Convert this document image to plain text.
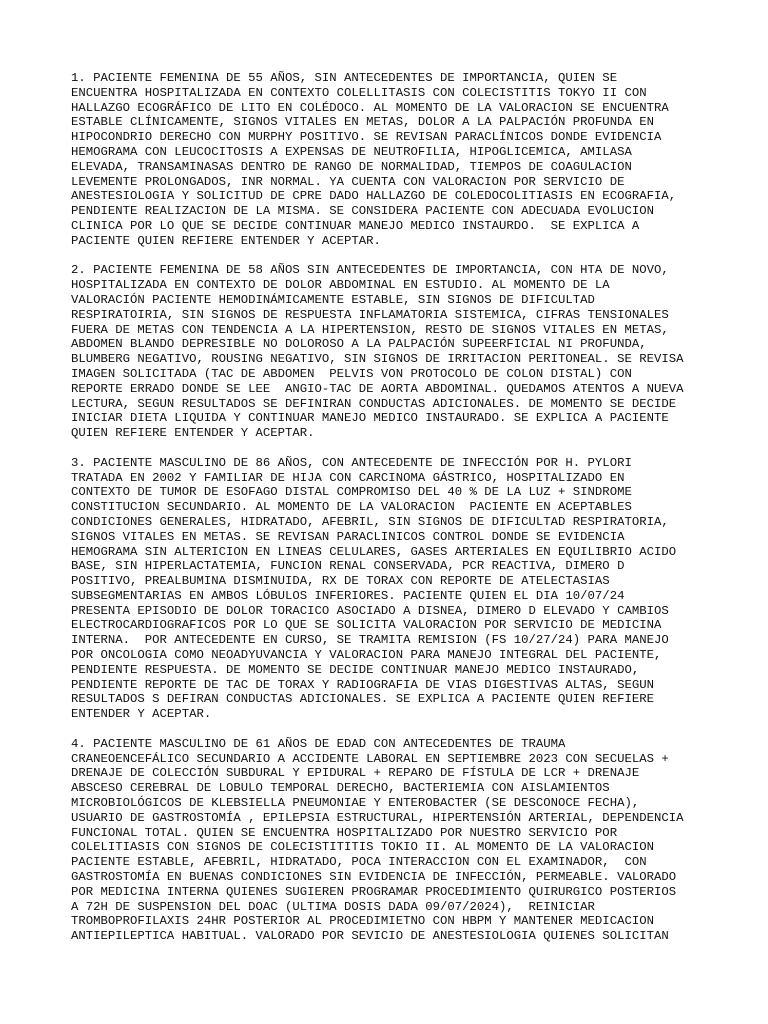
1. PACIENTE FEMENINA DE 55 AÑOS, SIN ANTECEDENTES DE IMPORTANCIA, QUIEN SE
ENCUENTRA HOSPITALIZADA EN CONTEXTO COLELLITASIS CON COLECISTITIS TOKYO II CON
HALLAZGO ECOGRÁFICO DE LITO EN COLÉDOCO. AL MOMENTO DE LA VALORACION SE ENCUENTRA
ESTABLE CLÍNICAMENTE, SIGNOS VITALES EN METAS, DOLOR A LA PALPACIÓN PROFUNDA EN
HIPOCONDRIO DERECHO CON MURPHY POSITIVO. SE REVISAN PARACLÍNICOS DONDE EVIDENCIA
HEMOGRAMA CON LEUCOCITOSIS A EXPENSAS DE NEUTROFILIA, HIPOGLICEMICA, AMILASA
ELEVADA, TRANSAMINASAS DENTRO DE RANGO DE NORMALIDAD, TIEMPOS DE COAGULACION
LEVEMENTE PROLONGADOS, INR NORMAL. YA CUENTA CON VALORACION POR SERVICIO DE
ANESTESIOLOGIA Y SOLICITUD DE CPRE DADO HALLAZGO DE COLEDOCOLITIASIS EN ECOGRAFIA,
PENDIENTE REALIZACION DE LA MISMA. SE CONSIDERA PACIENTE CON ADECUADA EVOLUCION
CLINICA POR LO QUE SE DECIDE CONTINUAR MANEJO MEDICO INSTAURDO.  SE EXPLICA A
PACIENTE QUIEN REFIERE ENTENDER Y ACEPTAR.
2. PACIENTE FEMENINA DE 58 AÑOS SIN ANTECEDENTES DE IMPORTANCIA, CON HTA DE NOVO,
HOSPITALIZADA EN CONTEXTO DE DOLOR ABDOMINAL EN ESTUDIO. AL MOMENTO DE LA
VALORACIÓN PACIENTE HEMODINÁMICAMENTE ESTABLE, SIN SIGNOS DE DIFICULTAD
RESPIRATOIRIA, SIN SIGNOS DE RESPUESTA INFLAMATORIA SISTEMICA, CIFRAS TENSIONALES
FUERA DE METAS CON TENDENCIA A LA HIPERTENSION, RESTO DE SIGNOS VITALES EN METAS,
ABDOMEN BLANDO DEPRESIBLE NO DOLOROSO A LA PALPACIÓN SUPEERFICIAL NI PROFUNDA,
BLUMBERG NEGATIVO, ROUSING NEGATIVO, SIN SIGNOS DE IRRITACION PERITONEAL. SE REVISA
IMAGEN SOLICITADA (TAC DE ABDOMEN  PELVIS VON PROTOCOLO DE COLON DISTAL) CON
REPORTE ERRADO DONDE SE LEE  ANGIO-TAC DE AORTA ABDOMINAL. QUEDAMOS ATENTOS A NUEVA
LECTURA, SEGUN RESULTADOS SE DEFINIRAN CONDUCTAS ADICIONALES. DE MOMENTO SE DECIDE
INICIAR DIETA LIQUIDA Y CONTINUAR MANEJO MEDICO INSTAURADO. SE EXPLICA A PACIENTE
QUIEN REFIERE ENTENDER Y ACEPTAR.
3. PACIENTE MASCULINO DE 86 AÑOS, CON ANTECEDENTE DE INFECCIÓN POR H. PYLORI
TRATADA EN 2002 Y FAMILIAR DE HIJA CON CARCINOMA GÁSTRICO, HOSPITALIZADO EN
CONTEXTO DE TUMOR DE ESOFAGO DISTAL COMPROMISO DEL 40 % DE LA LUZ + SINDROME
CONSTITUCION SECUNDARIO. AL MOMENTO DE LA VALORACION  PACIENTE EN ACEPTABLES
CONDICIONES GENERALES, HIDRATADO, AFEBRIL, SIN SIGNOS DE DIFICULTAD RESPIRATORIA,
SIGNOS VITALES EN METAS. SE REVISAN PARACLINICOS CONTROL DONDE SE EVIDENCIA
HEMOGRAMA SIN ALTERICION EN LINEAS CELULARES, GASES ARTERIALES EN EQUILIBRIO ACIDO
BASE, SIN HIPERLACTATEMIA, FUNCION RENAL CONSERVADA, PCR REACTIVA, DIMERO D
POSITIVO, PREALBUMINA DISMINUIDA, RX DE TORAX CON REPORTE DE ATELECTASIAS
SUBSEGMENTARIAS EN AMBOS LÓBULOS INFERIORES. PACIENTE QUIEN EL DIA 10/07/24
PRESENTA EPISODIO DE DOLOR TORACICO ASOCIADO A DISNEA, DIMERO D ELEVADO Y CAMBIOS
ELECTROCARDIOGRAFICOS POR LO QUE SE SOLICITA VALORACION POR SERVICIO DE MEDICINA
INTERNA.  POR ANTECEDENTE EN CURSO, SE TRAMITA REMISION (FS 10/27/24) PARA MANEJO
POR ONCOLOGIA COMO NEOADYUVANCIA Y VALORACION PARA MANEJO INTEGRAL DEL PACIENTE,
PENDIENTE RESPUESTA. DE MOMENTO SE DECIDE CONTINUAR MANEJO MEDICO INSTAURADO,
PENDIENTE REPORTE DE TAC DE TORAX Y RADIOGRAFIA DE VIAS DIGESTIVAS ALTAS, SEGUN
RESULTADOS S DEFIRAN CONDUCTAS ADICIONALES. SE EXPLICA A PACIENTE QUIEN REFIERE
ENTENDER Y ACEPTAR.
4. PACIENTE MASCULINO DE 61 AÑOS DE EDAD CON ANTECEDENTES DE TRAUMA
CRANEOENCEFÁLICO SECUNDARIO A ACCIDENTE LABORAL EN SEPTIEMBRE 2023 CON SECUELAS +
DRENAJE DE COLECCIÓN SUBDURAL Y EPIDURAL + REPARO DE FÍSTULA DE LCR + DRENAJE
ABSCESO CEREBRAL DE LOBULO TEMPORAL DERECHO, BACTERIEMIA CON AISLAMIENTOS
MICROBIOLÓGICOS DE KLEBSIELLA PNEUMONIAE Y ENTEROBACTER (SE DESCONOCE FECHA),
USUARIO DE GASTROSTOMÍA , EPILEPSIA ESTRUCTURAL, HIPERTENSIÓN ARTERIAL, DEPENDENCIA
FUNCIONAL TOTAL. QUIEN SE ENCUENTRA HOSPITALIZADO POR NUESTRO SERVICIO POR
COLELITIASIS CON SIGNOS DE COLECISTITITIS TOKIO II. AL MOMENTO DE LA VALORACION
PACIENTE ESTABLE, AFEBRIL, HIDRATADO, POCA INTERACCION CON EL EXAMINADOR,  CON
GASTROSTOMÍA EN BUENAS CONDICIONES SIN EVIDENCIA DE INFECCIÓN, PERMEABLE. VALORADO
POR MEDICINA INTERNA QUIENES SUGIEREN PROGRAMAR PROCEDIMIENTO QUIRURGICO POSTERIOS
A 72H DE SUSPENSION DEL DOAC (ULTIMA DOSIS DADA 09/07/2024),  REINICIAR
TROMBOPROFILAXIS 24HR POSTERIOR AL PROCEDIMIETNO CON HBPM Y MANTENER MEDICACION
ANTIEPILEPTICA HABITUAL. VALORADO POR SEVICIO DE ANESTESIOLOGIA QUIENES SOLICITAN
